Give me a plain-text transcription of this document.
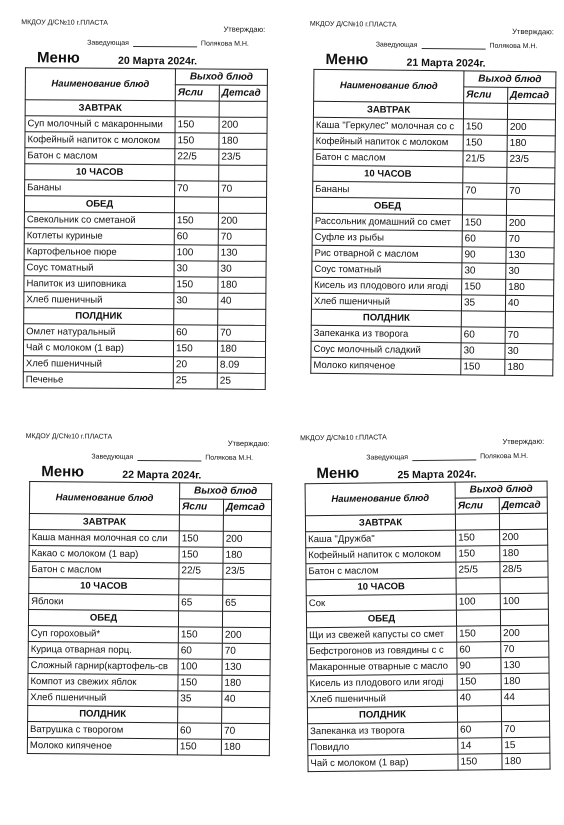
МКДОУ Д/С№10 г.ПЛАСТА
Утверждаю:
Заведующая	Полякова М.Н.
Меню	20 Марта 2024г.
Наименование блюд	Выход блюд	
	Ясли	Детсад
ЗАВТРАК		
Суп молочный с макаронными	150	200
Кофейный напиток с молоком	150	180
Батон с маслом	22/5	23/5
10 ЧАСОВ		
Бананы	70	70
ОБЕД		
Свекольник со сметаной	150	200
Котлеты куриные	60	70
Картофельное пюре	100	130
Соус томатный	30	30
Напиток из шиповника	150	180
Хлеб пшеничный	30	40
ПОЛДНИК		
Омлет натуральный	60	70
Чай с молоком (1 вар)	150	180
Хлеб пшеничный	20	8.09
Печенье	25	25
МКДОУ Д/С№10 г.ПЛАСТА
Утверждаю:
Заведующая	Полякова М.Н.
Меню	21 Марта 2024г.
Наименование блюд	Выход блюд	
	Ясли	Детсад
ЗАВТРАК		
Каша "Геркулес" молочная со с	150	200
Кофейный напиток с молоком	150	180
Батон с маслом	21/5	23/5
10 ЧАСОВ		
Бананы	70	70
ОБЕД		
Рассольник домашний со смет	150	200
Суфле из рыбы	60	70
Рис отварной с маслом	90	130
Соус томатный	30	30
Кисель из плодового или ягоді	150	180
Хлеб пшеничный	35	40
ПОЛДНИК		
Запеканка из творога	60	70
Соус молочный сладкий	30	30
Молоко кипяченое	150	180
МКДОУ Д/С№10 г.ПЛАСТА
Утверждаю:
Заведующая	Полякова М.Н.
Меню	22 Марта 2024г.
Наименование блюд	Выход блюд	
	Ясли	Детсад
ЗАВТРАК		
Каша манная молочная со сли	150	200
Какао с молоком (1 вар)	150	180
Батон с маслом	22/5	23/5
10 ЧАСОВ		
Яблоки	65	65
ОБЕД		
Суп гороховый*	150	200
Курица отварная порц.	60	70
Сложный гарнир(картофель-св	100	130
Компот из свежих яблок	150	180
Хлеб пшеничный	35	40
ПОЛДНИК		
Ватрушка с творогом	60	70
Молоко кипяченое	150	180
МКДОУ Д/С№10 г.ПЛАСТА	Утверждаю:
Заведующая	Полякова М.Н.
Меню	25 Марта 2024г.
Наименование блюд	Выход блюд	
	Ясли	Детсад
ЗАВТРАК		
Каша "Дружба"	150	200
Кофейный напиток с молоком	150	180
Батон с маслом	25/5	28/5
10 ЧАСОВ		
Сок	100	100
ОБЕД		
Щи из свежей капусты со смет	150	200
Бефстрогонов из говядины с с	60	70
Макаронные отварные с масло	90	130
Кисель из плодового или ягоді	150	180
Хлеб пшеничный	40	44
ПОЛДНИК		
Запеканка из творога	60	70
Повидло	14	15
Чай с молоком (1 вар)	150	180
